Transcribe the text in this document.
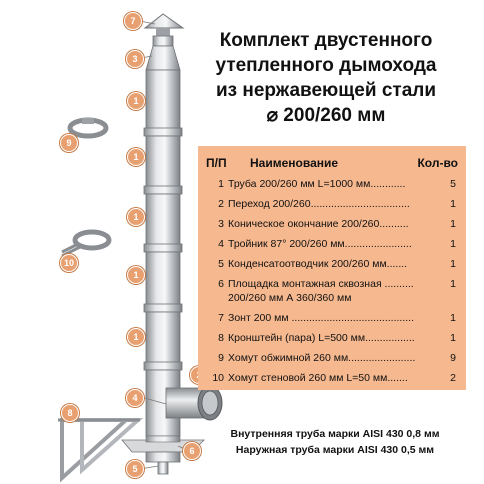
7
3
1
1
1
1
1
9
10
4
8
6
5
Комплект двустенного
утепленного дымохода
из нержавеющей стали
⌀ 200/260 мм
П/П Наименование	Кол-во
1 Труба 200/260 мм L=1000 мм............	5
2 Переход 200/260..................................	1
3 Коническое окончание 200/260..........	1
4 Тройник 87° 200/260 мм.......................	1
5 Конденсатоотводчик 200/260 мм.......	1
6 Площадка монтажная сквозная ..........	1
200/260 мм А 360/360 мм
7 Зонт 200 мм ..........................................	1
8 Кронштейн (пара) L=500 мм.................	1
9 Хомут обжимной 260 мм.......................	9
10 Хомут стеновой 260 мм L=50 мм.......	2
Внутренняя труба марки AISI 430 0,8 мм
Наружная труба марки AISI 430 0,5 мм
